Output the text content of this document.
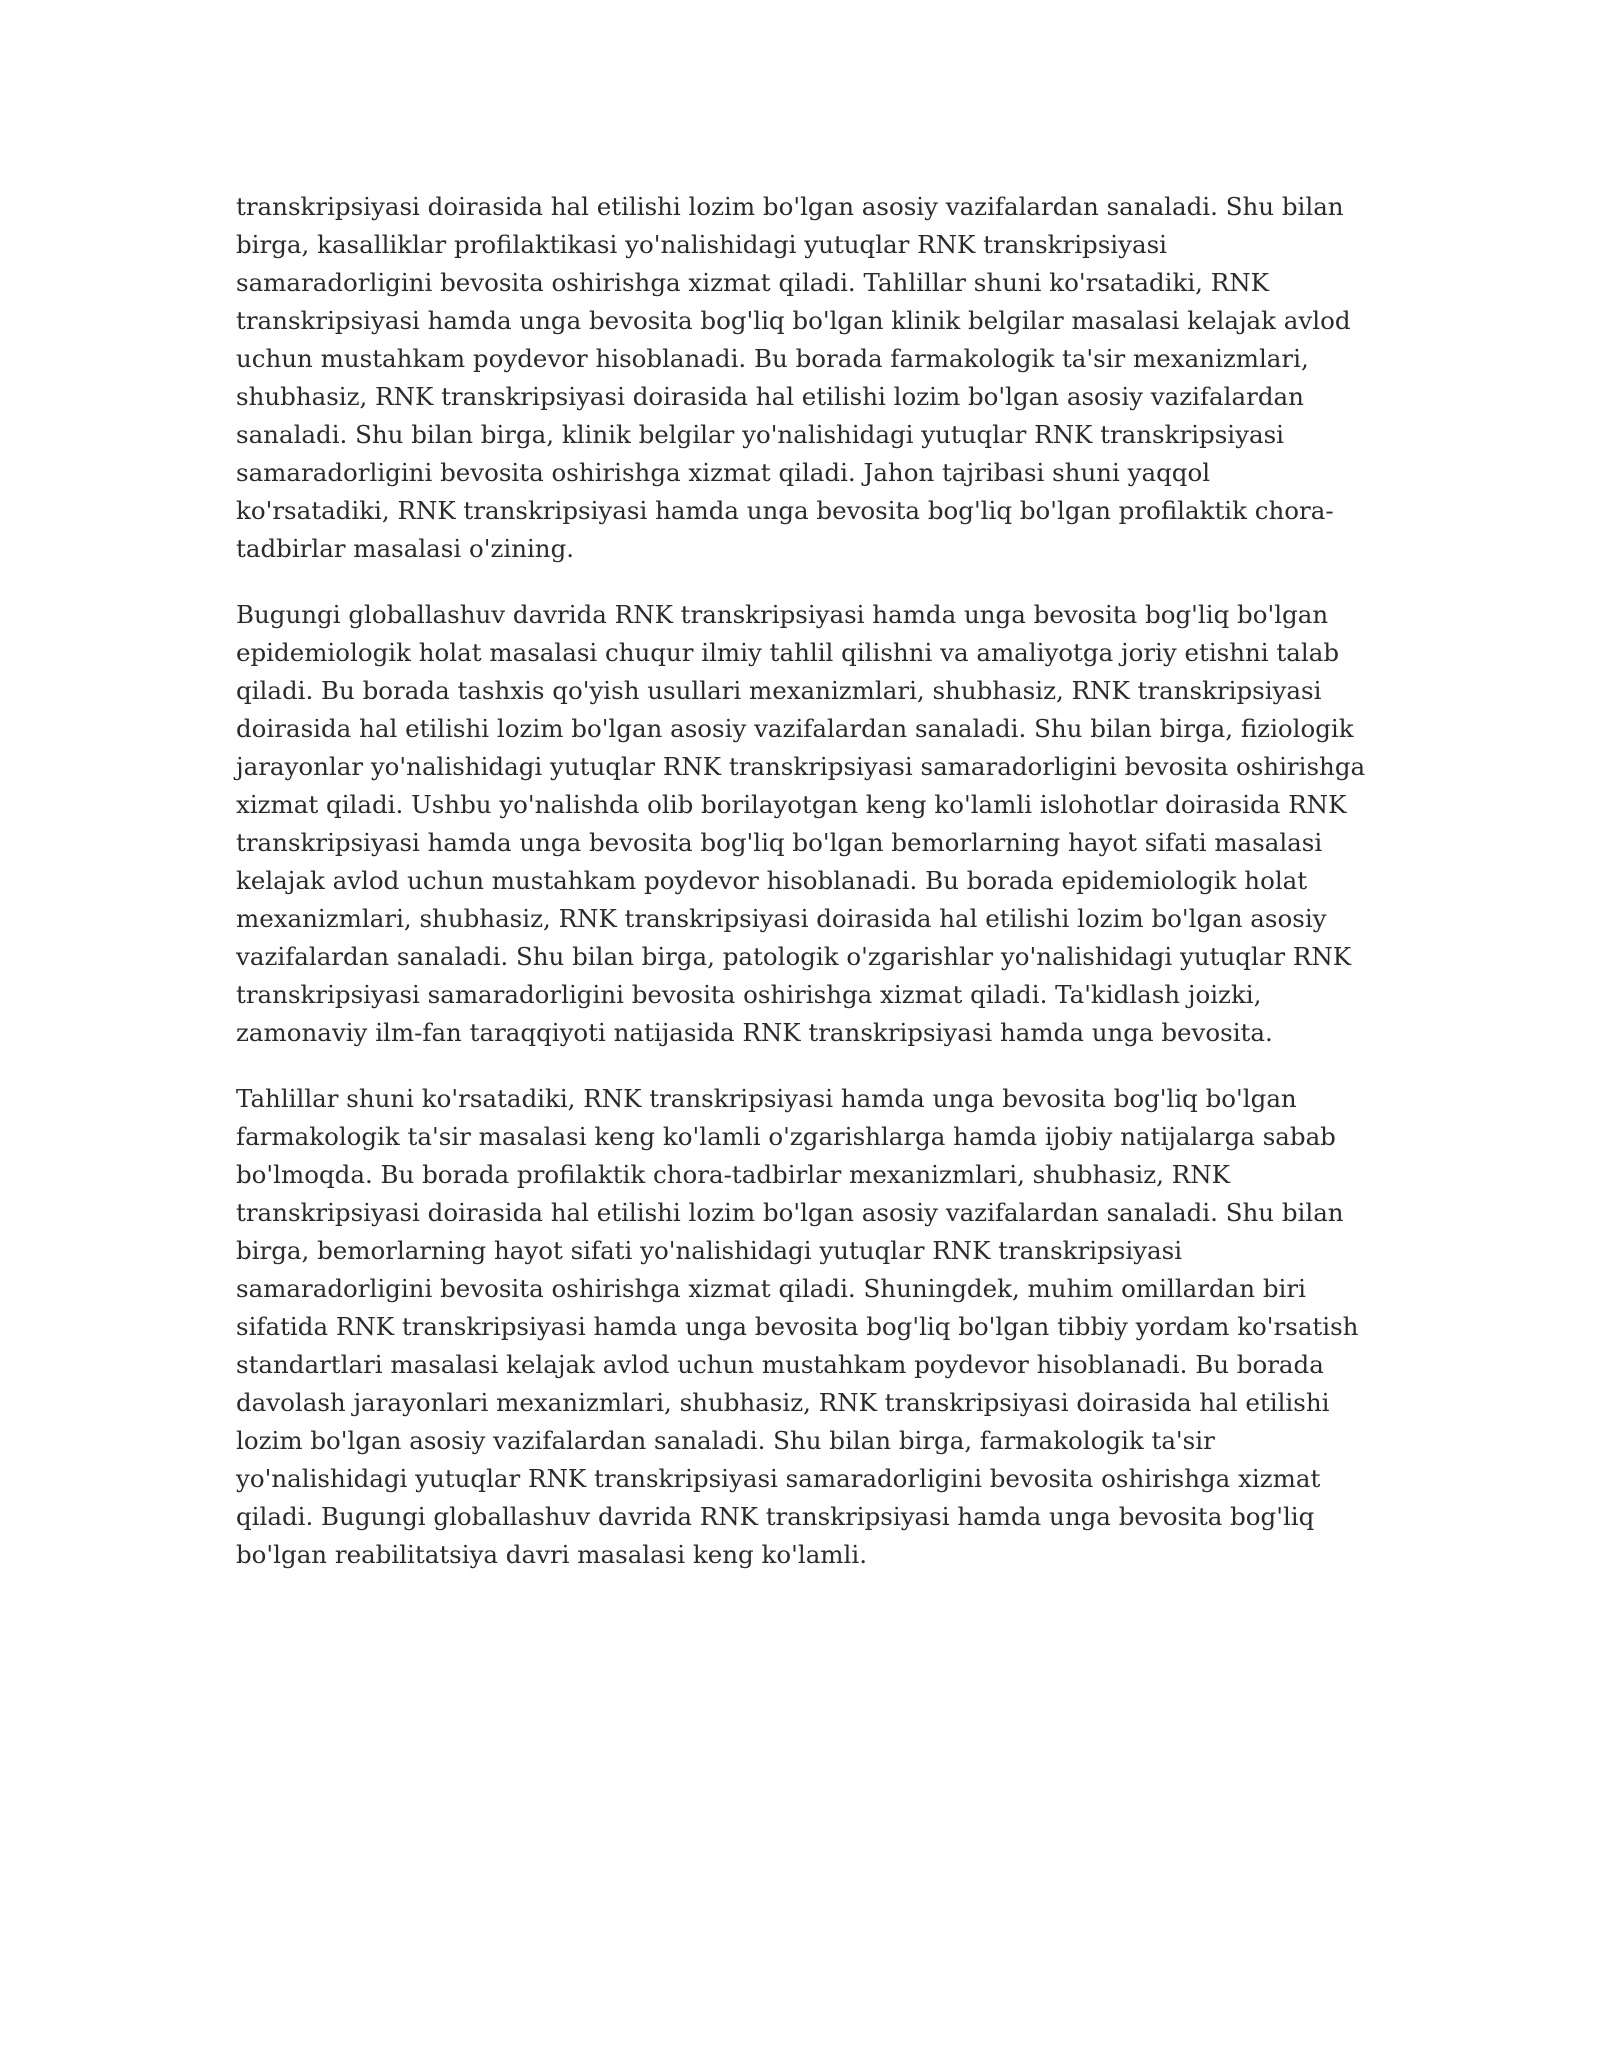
transkripsiyasi doirasida hal etilishi lozim bo'lgan asosiy vazifalardan sanaladi. Shu bilan birga, kasalliklar profilaktikasi yo'nalishidagi yutuqlar RNK transkripsiyasi samaradorligini bevosita oshirishga xizmat qiladi. Tahlillar shuni ko'rsatadiki, RNK transkripsiyasi hamda unga bevosita bog'liq bo'lgan klinik belgilar masalasi kelajak avlod uchun mustahkam poydevor hisoblanadi. Bu borada farmakologik ta'sir mexanizmlari, shubhasiz, RNK transkripsiyasi doirasida hal etilishi lozim bo'lgan asosiy vazifalardan sanaladi. Shu bilan birga, klinik belgilar yo'nalishidagi yutuqlar RNK transkripsiyasi samaradorligini bevosita oshirishga xizmat qiladi. Jahon tajribasi shuni yaqqol ko'rsatadiki, RNK transkripsiyasi hamda unga bevosita bog'liq bo'lgan profilaktik chora-tadbirlar masalasi o'zining.

Bugungi globallashuv davrida RNK transkripsiyasi hamda unga bevosita bog'liq bo'lgan epidemiologik holat masalasi chuqur ilmiy tahlil qilishni va amaliyotga joriy etishni talab qiladi. Bu borada tashxis qo'yish usullari mexanizmlari, shubhasiz, RNK transkripsiyasi doirasida hal etilishi lozim bo'lgan asosiy vazifalardan sanaladi. Shu bilan birga, fiziologik jarayonlar yo'nalishidagi yutuqlar RNK transkripsiyasi samaradorligini bevosita oshirishga xizmat qiladi. Ushbu yo'nalishda olib borilayotgan keng ko'lamli islohotlar doirasida RNK transkripsiyasi hamda unga bevosita bog'liq bo'lgan bemorlarning hayot sifati masalasi kelajak avlod uchun mustahkam poydevor hisoblanadi. Bu borada epidemiologik holat mexanizmlari, shubhasiz, RNK transkripsiyasi doirasida hal etilishi lozim bo'lgan asosiy vazifalardan sanaladi. Shu bilan birga, patologik o'zgarishlar yo'nalishidagi yutuqlar RNK transkripsiyasi samaradorligini bevosita oshirishga xizmat qiladi. Ta'kidlash joizki, zamonaviy ilm-fan taraqqiyoti natijasida RNK transkripsiyasi hamda unga bevosita.

Tahlillar shuni ko'rsatadiki, RNK transkripsiyasi hamda unga bevosita bog'liq bo'lgan farmakologik ta'sir masalasi keng ko'lamli o'zgarishlarga hamda ijobiy natijalarga sabab bo'lmoqda. Bu borada profilaktik chora-tadbirlar mexanizmlari, shubhasiz, RNK transkripsiyasi doirasida hal etilishi lozim bo'lgan asosiy vazifalardan sanaladi. Shu bilan birga, bemorlarning hayot sifati yo'nalishidagi yutuqlar RNK transkripsiyasi samaradorligini bevosita oshirishga xizmat qiladi. Shuningdek, muhim omillardan biri sifatida RNK transkripsiyasi hamda unga bevosita bog'liq bo'lgan tibbiy yordam ko'rsatish standartlari masalasi kelajak avlod uchun mustahkam poydevor hisoblanadi. Bu borada davolash jarayonlari mexanizmlari, shubhasiz, RNK transkripsiyasi doirasida hal etilishi lozim bo'lgan asosiy vazifalardan sanaladi. Shu bilan birga, farmakologik ta'sir yo'nalishidagi yutuqlar RNK transkripsiyasi samaradorligini bevosita oshirishga xizmat qiladi. Bugungi globallashuv davrida RNK transkripsiyasi hamda unga bevosita bog'liq bo'lgan reabilitatsiya davri masalasi keng ko'lamli.
